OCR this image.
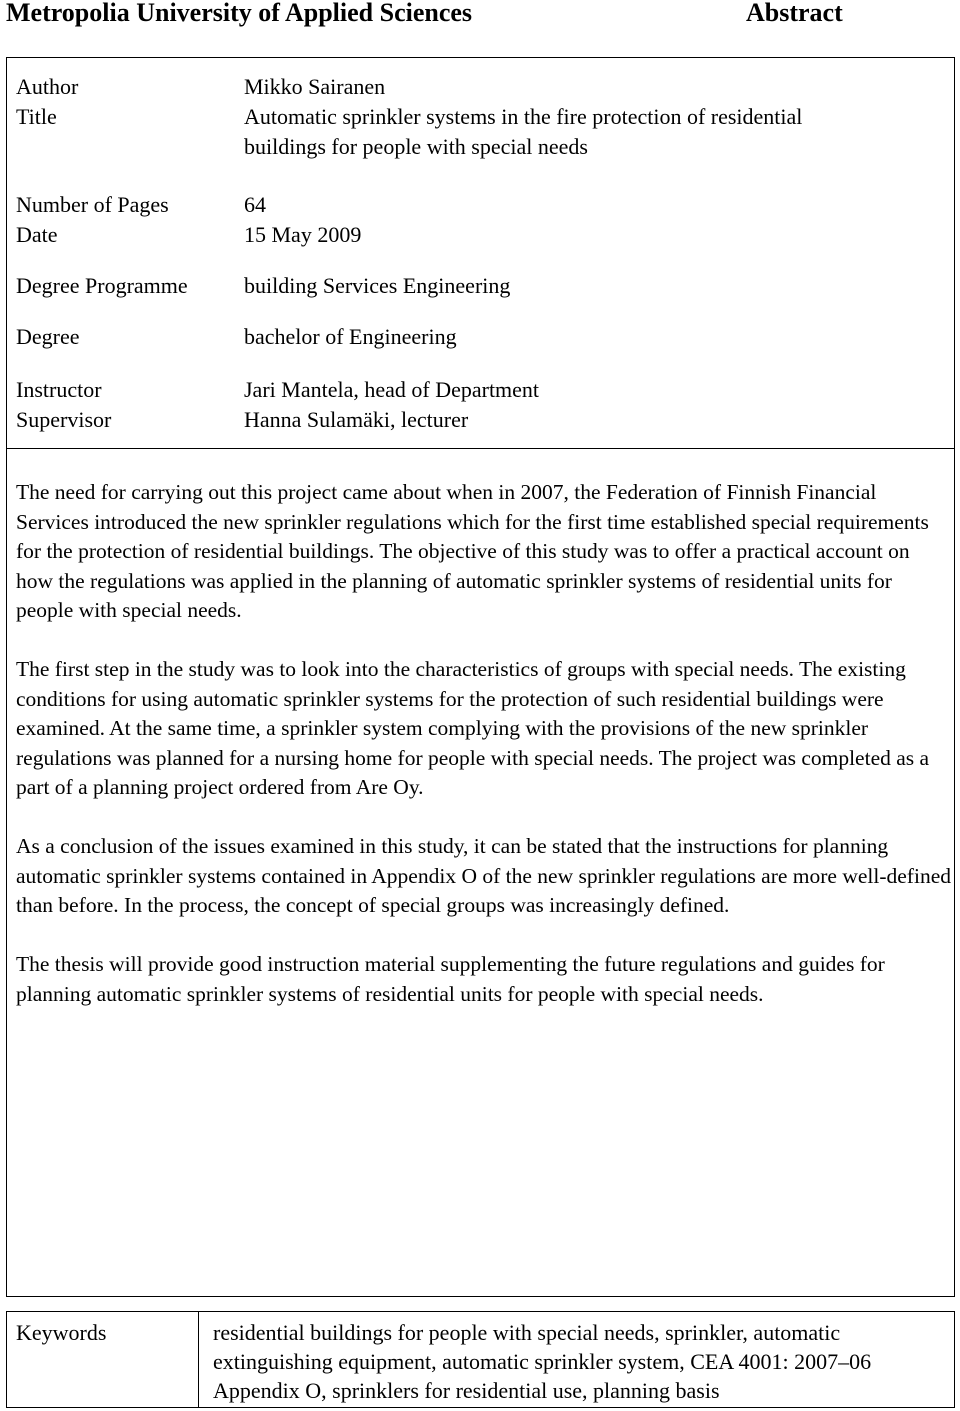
Metropolia University of Applied Sciences	Abstract
Author	Mikko Sairanen
Title	Automatic sprinkler systems in the fire protection of residential
buildings for people with special needs
Number of Pages	64
Date	15 May 2009
Degree Programme	building Services Engineering
Degree	bachelor of Engineering
Instructor	Jari Mantela, head of Department
Supervisor	Hanna Sulamäki, lecturer

The need for carrying out this project came about when in 2007, the Federation of Finnish Financial Services introduced the new sprinkler regulations which for the first time established special requirements for the protection of residential buildings. The objective of this study was to offer a practical account on how the regulations was applied in the planning of automatic sprinkler systems of residential units for people with special needs.

The first step in the study was to look into the characteristics of groups with special needs. The existing conditions for using automatic sprinkler systems for the protection of such residential buildings were examined. At the same time, a sprinkler system complying with the provisions of the new sprinkler regulations was planned for a nursing home for people with special needs. The project was completed as a part of a planning project ordered from Are Oy.

As a conclusion of the issues examined in this study, it can be stated that the instructions for planning automatic sprinkler systems contained in Appendix O of the new sprinkler regulations are more well-defined than before. In the process, the concept of special groups was increasingly defined.

The thesis will provide good instruction material supplementing the future regulations and guides for planning automatic sprinkler systems of residential units for people with special needs.

Keywords	residential buildings for people with special needs, sprinkler, automatic extinguishing equipment, automatic sprinkler system, CEA 4001: 2007–06 Appendix O, sprinklers for residential use, planning basis
